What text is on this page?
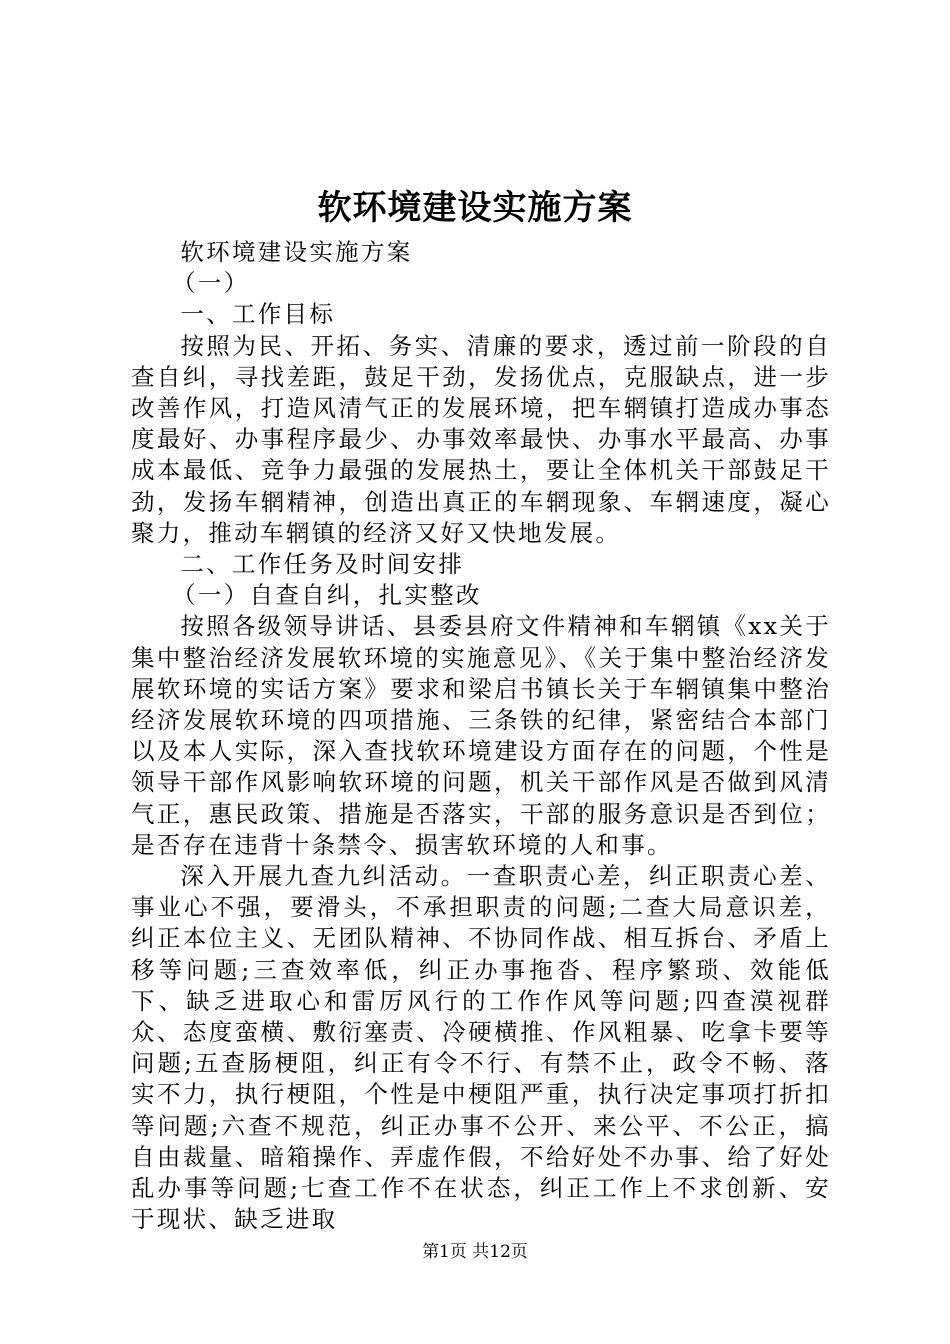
软环境建设实施方案

软环境建设实施方案

（一）

一、工作目标

按照为民、开拓、务实、清廉的要求，透过前一阶段的自查自纠，寻找差距，鼓足干劲，发扬优点，克服缺点，进一步改善作风，打造风清气正的发展环境，把车辋镇打造成办事态度最好、办事程序最少、办事效率最快、办事水平最高、办事成本最低、竞争力最强的发展热土，要让全体机关干部鼓足干劲，发扬车辋精神，创造出真正的车辋现象、车辋速度，凝心聚力，推动车辋镇的经济又好又快地发展。

二、工作任务及时间安排

（一）自查自纠，扎实整改

按照各级领导讲话、县委县府文件精神和车辋镇《xx关于集中整治经济发展软环境的实施意见》、《关于集中整治经济发展软环境的实话方案》要求和梁启书镇长关于车辋镇集中整治经济发展软环境的四项措施、三条铁的纪律，紧密结合本部门以及本人实际，深入查找软环境建设方面存在的问题，个性是领导干部作风影响软环境的问题，机关干部作风是否做到风清气正，惠民政策、措施是否落实，干部的服务意识是否到位；是否存在违背十条禁令、损害软环境的人和事。

深入开展九查九纠活动。一查职责心差，纠正职责心差、事业心不强，要滑头，不承担职责的问题;二查大局意识差，纠正本位主义、无团队精神、不协同作战、相互拆台、矛盾上移等问题;三查效率低，纠正办事拖沓、程序繁琐、效能低下、缺乏进取心和雷厉风行的工作作风等问题;四查漠视群众、态度蛮横、敷衍塞责、冷硬横推、作风粗暴、吃拿卡要等问题;五查肠梗阻，纠正有令不行、有禁不止，政令不畅、落实不力，执行梗阻，个性是中梗阻严重，执行决定事项打折扣等问题;六查不规范，纠正办事不公开、来公平、不公正，搞自由裁量、暗箱操作、弄虚作假，不给好处不办事、给了好处乱办事等问题;七查工作不在状态，纠正工作上不求创新、安于现状、缺乏进取

第1页 共12页
